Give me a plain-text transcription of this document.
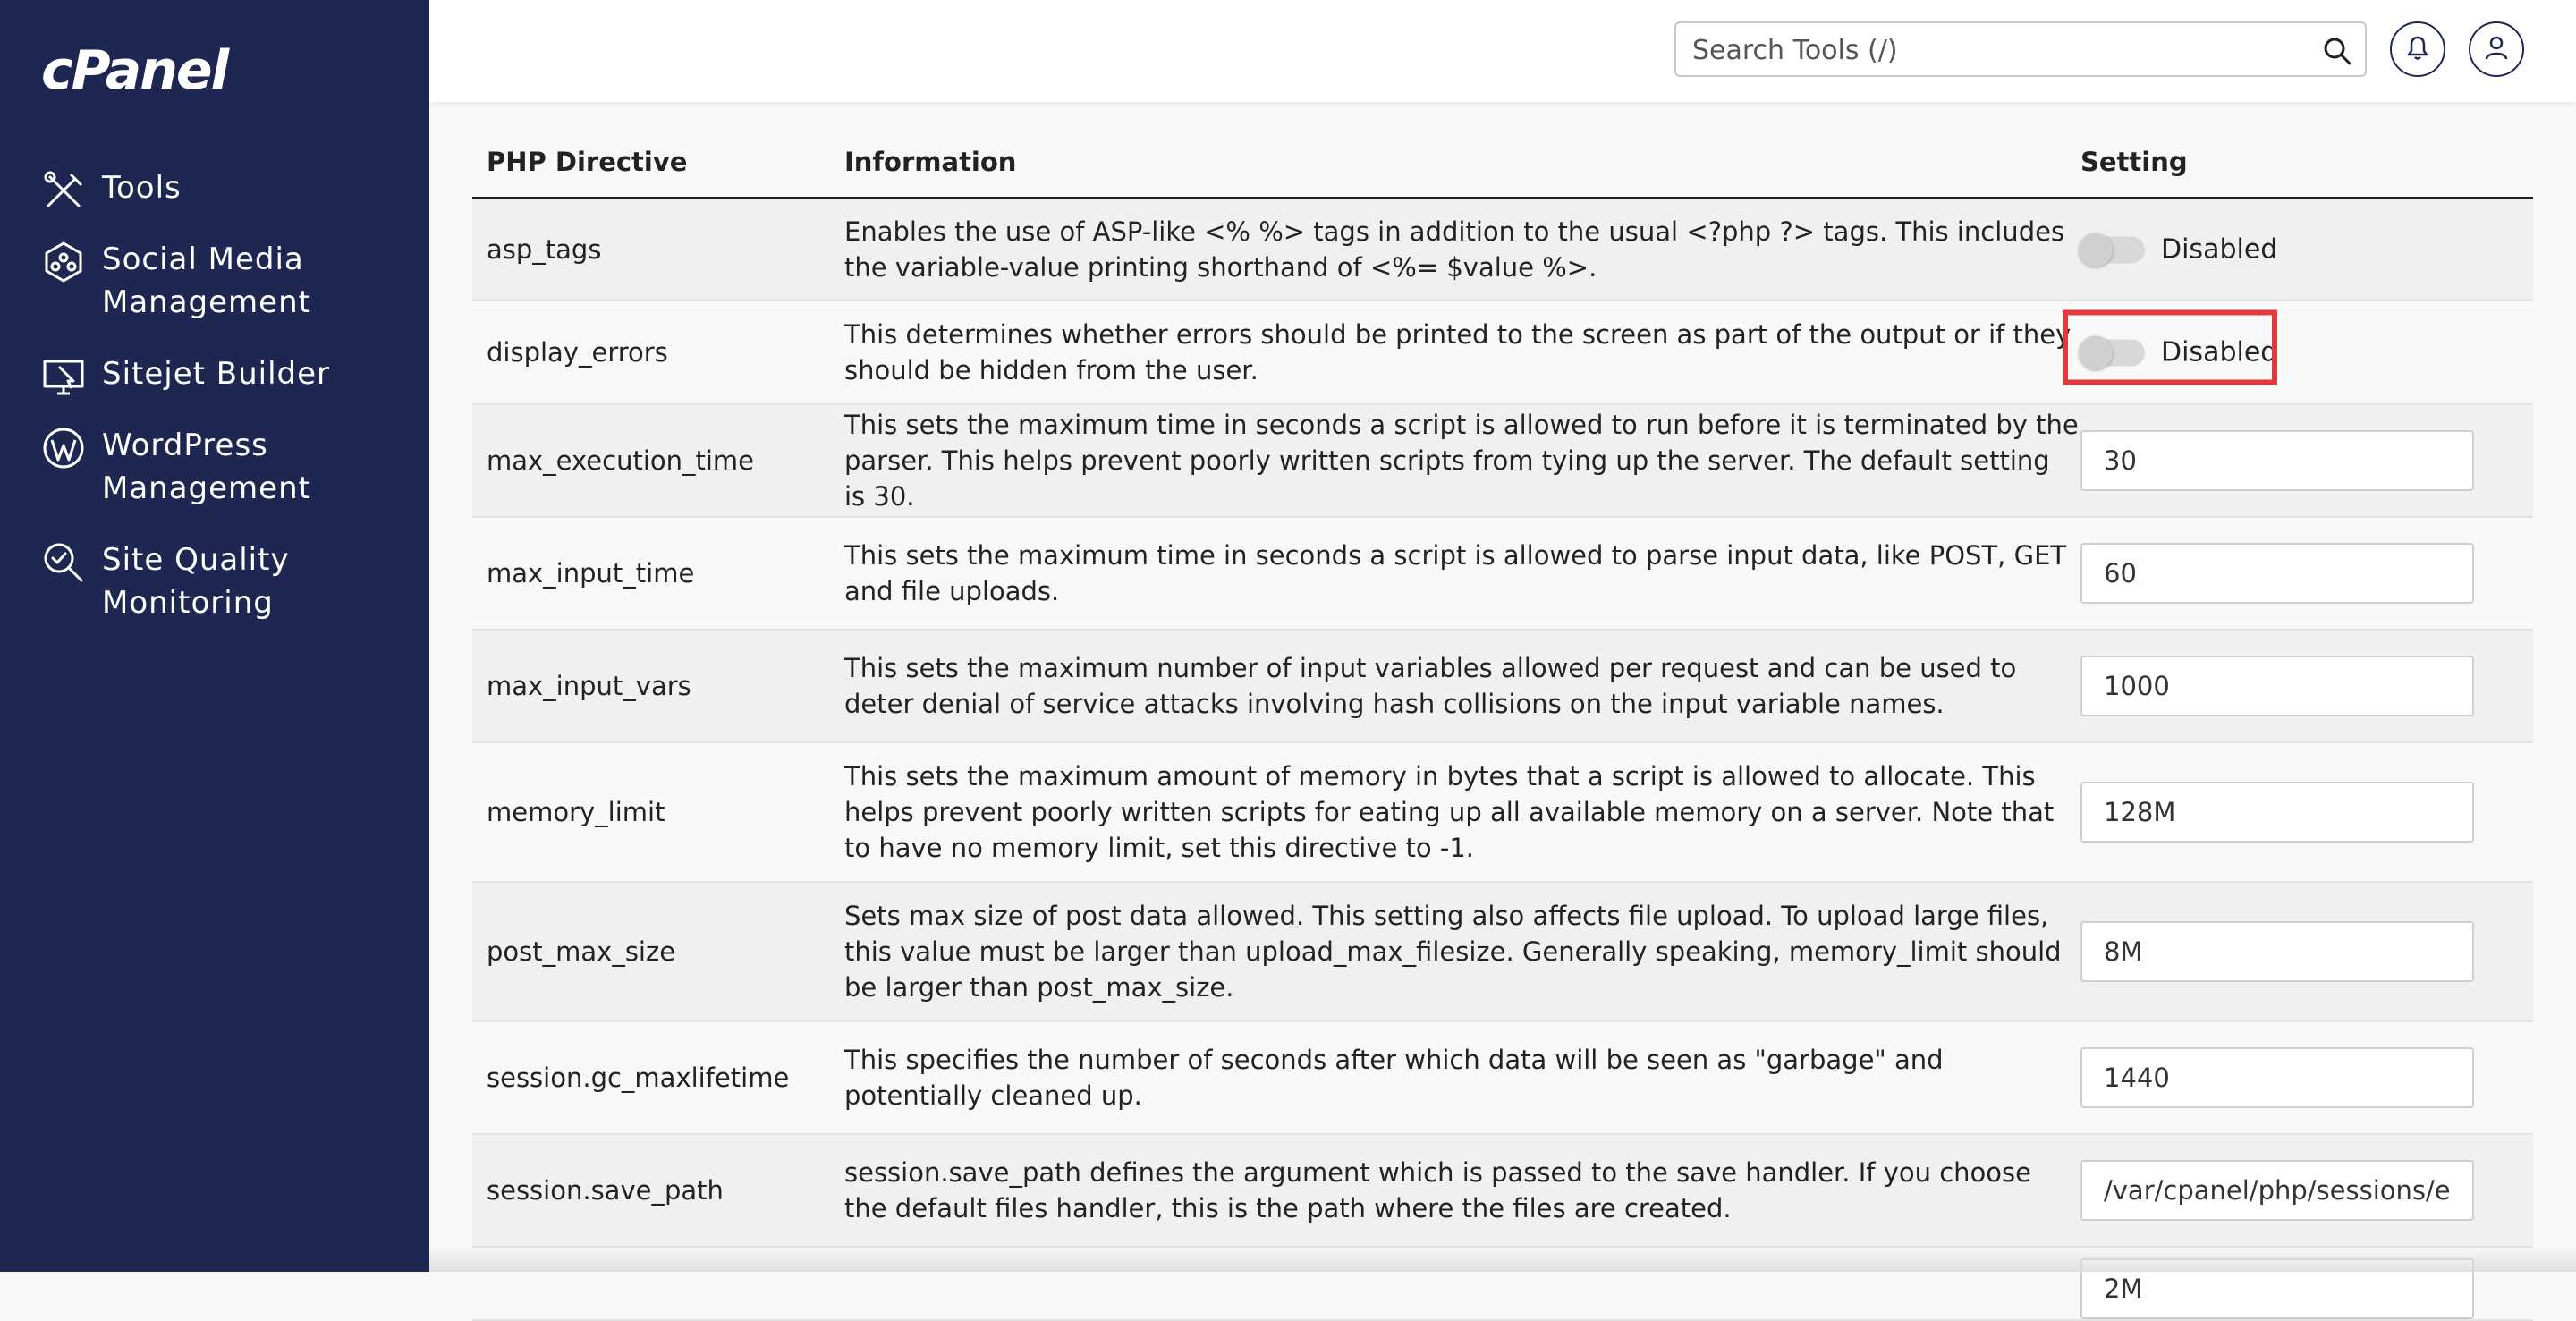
cPanel
Tools
Social Media Management
Sitejet Builder
WordPress Management
Site Quality Monitoring
Search Tools (/)
PHP Directive	Information	Setting
asp_tags
Enables the use of ASP-like <% %> tags in addition to the usual <?php ?> tags. This includes the variable-value printing shorthand of <%= $value %>.
Disabled
display_errors
This determines whether errors should be printed to the screen as part of the output or if they should be hidden from the user.
Disabled
max_execution_time
This sets the maximum time in seconds a script is allowed to run before it is terminated by the parser. This helps prevent poorly written scripts from tying up the server. The default setting is 30.
30
max_input_time
This sets the maximum time in seconds a script is allowed to parse input data, like POST, GET and file uploads.
60
max_input_vars
This sets the maximum number of input variables allowed per request and can be used to deter denial of service attacks involving hash collisions on the input variable names.
1000
memory_limit
This sets the maximum amount of memory in bytes that a script is allowed to allocate. This helps prevent poorly written scripts for eating up all available memory on a server. Note that to have no memory limit, set this directive to -1.
128M
post_max_size
Sets max size of post data allowed. This setting also affects file upload. To upload large files, this value must be larger than upload_max_filesize. Generally speaking, memory_limit should be larger than post_max_size.
8M
session.gc_maxlifetime
This specifies the number of seconds after which data will be seen as "garbage" and potentially cleaned up.
1440
session.save_path
session.save_path defines the argument which is passed to the save handler. If you choose the default files handler, this is the path where the files are created.
/var/cpanel/php/sessions/ea-php
2M
